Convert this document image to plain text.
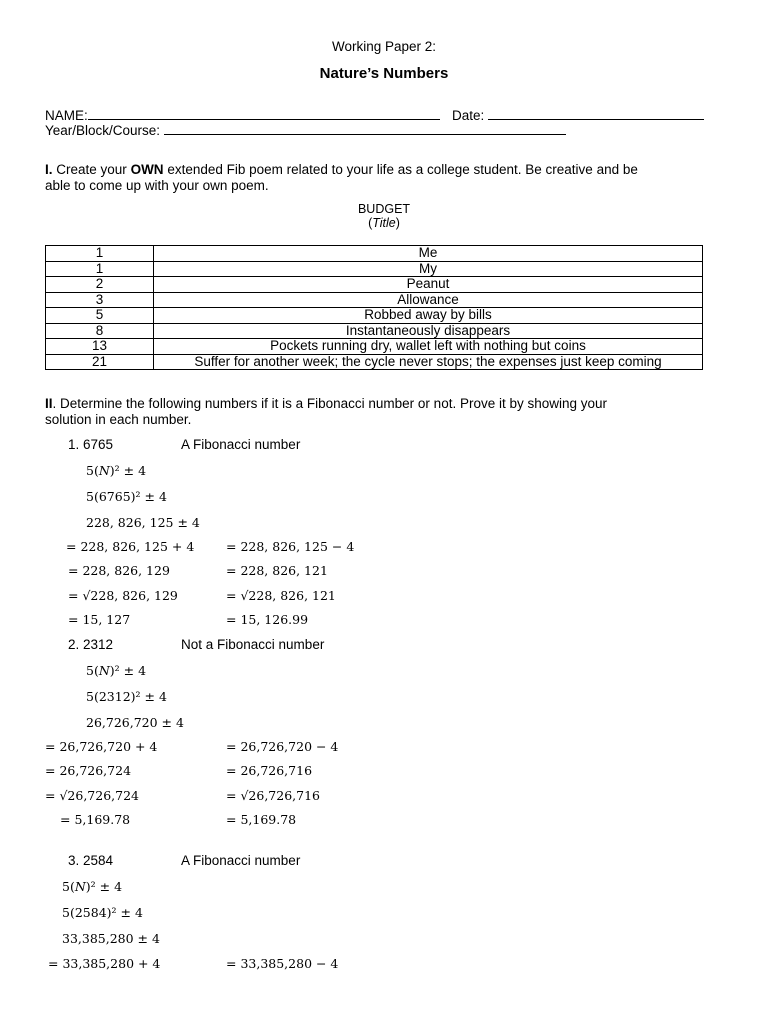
Working Paper 2:
Nature’s Numbers
NAME:	Date:
Year/Block/Course:
I. Create your OWN extended Fib poem related to your life as a college student. Be creative and be
able to come up with your own poem.
BUDGET
(Title)
1	Me
1	My
2	Peanut
3	Allowance
5	Robbed away by bills
8	Instantaneously disappears
13	Pockets running dry, wallet left with nothing but coins
21	Suffer for another week; the cycle never stops; the expenses just keep coming
II. Determine the following numbers if it is a Fibonacci number or not. Prove it by showing your
solution in each number.
1. 6765	A Fibonacci number
5(𝑁)² ± 4
5(6765)² ± 4
228, 826, 125 ± 4
= 228, 826, 125 + 4	= 228, 826, 125 − 4
= 228, 826, 129	= 228, 826, 121
= √228, 826, 129	= √228, 826, 121
= 15, 127	= 15, 126.99
2. 2312	Not a Fibonacci number
5(𝑁)² ± 4
5(2312)² ± 4
26,726,720 ± 4
= 26,726,720 + 4	= 26,726,720 − 4
= 26,726,724	= 26,726,716
= √26,726,724	= √26,726,716
= 5,169.78	= 5,169.78
3. 2584	A Fibonacci number
5(𝑁)² ± 4
5(2584)² ± 4
33,385,280 ± 4
= 33,385,280 + 4	= 33,385,280 − 4
